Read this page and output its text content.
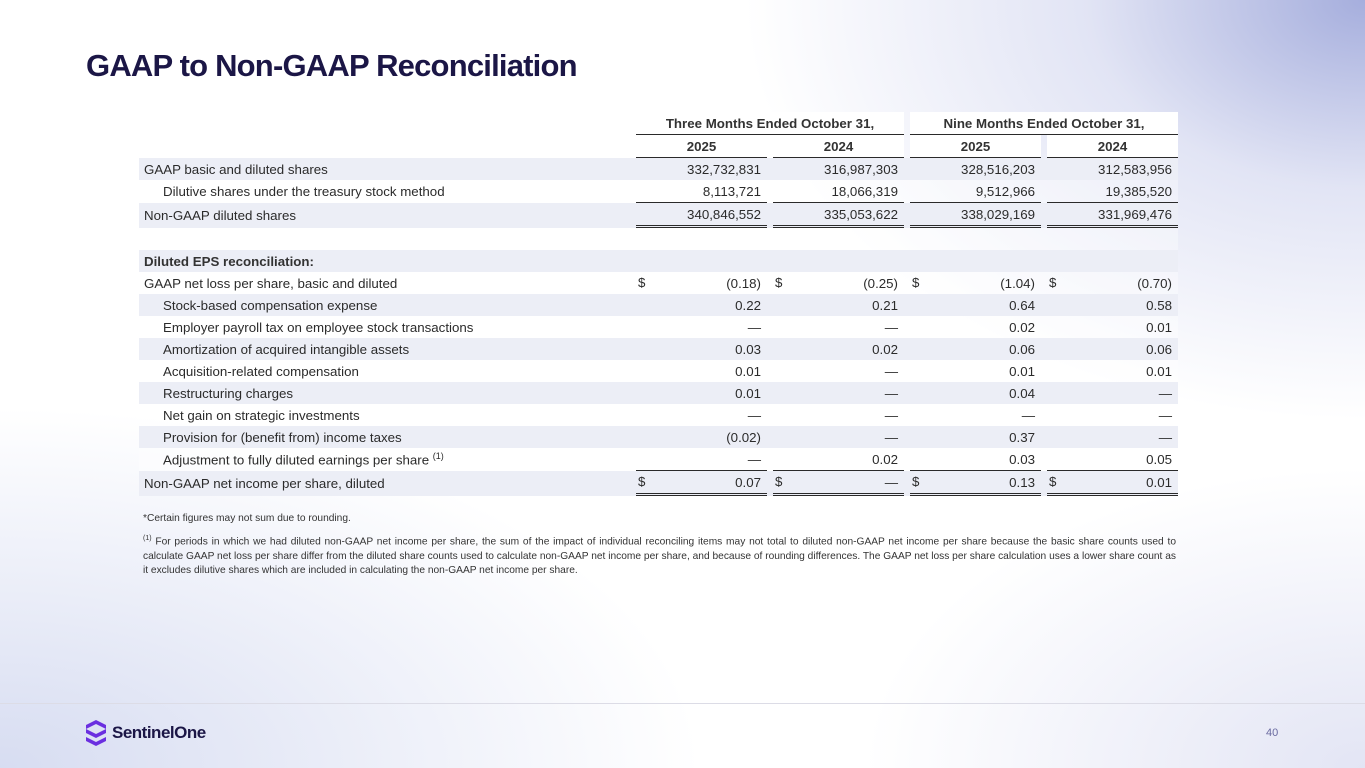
GAAP to Non-GAAP Reconciliation
	Three Months Ended October 31,				Nine Months Ended October 31,		
	2025		2024		2025		2024
GAAP basic and diluted shares	332,732,831		316,987,303		328,516,203		312,583,956

Dilutive shares under the treasury stock method	8,113,721		18,066,319		9,512,966		19,385,520

Non-GAAP diluted shares	340,846,552		335,053,622		338,029,169		331,969,476

Diluted EPS reconciliation:							
GAAP net loss per share, basic and diluted	$ (0.18)		$ (0.25)		$ (1.04)		$ (0.70)

Stock-based compensation expense	0.22		0.21		0.64		0.58

Employer payroll tax on employee stock transactions	—		—		0.02		0.01

Amortization of acquired intangible assets	0.03		0.02		0.06		0.06

Acquisition-related compensation	0.01		—		0.01		0.01

Restructuring charges	0.01		—		0.04		—

Net gain on strategic investments	—		—		—		—

Provision for (benefit from) income taxes	(0.02)		—		0.37		—

Adjustment to fully diluted earnings per share $^{(1)}$	—		0.02		0.03		0.05

Non-GAAP net income per share, diluted	$ 0.07		$ —		$ 0.13		$ 0.01

*Certain figures may not sum due to rounding.

$^{(1)}$ For periods in which we had diluted non-GAAP net income per share, the sum of the impact of individual reconciling items may not total to diluted non-GAAP net income per share because the basic share counts used to calculate GAAP net loss per share differ from the diluted share counts used to calculate non-GAAP net income per share, and because of rounding differences. The GAAP net loss per share calculation uses a lower share count as it excludes dilutive shares which are included in calculating the non-GAAP net income per share.

SentinelOne	40
